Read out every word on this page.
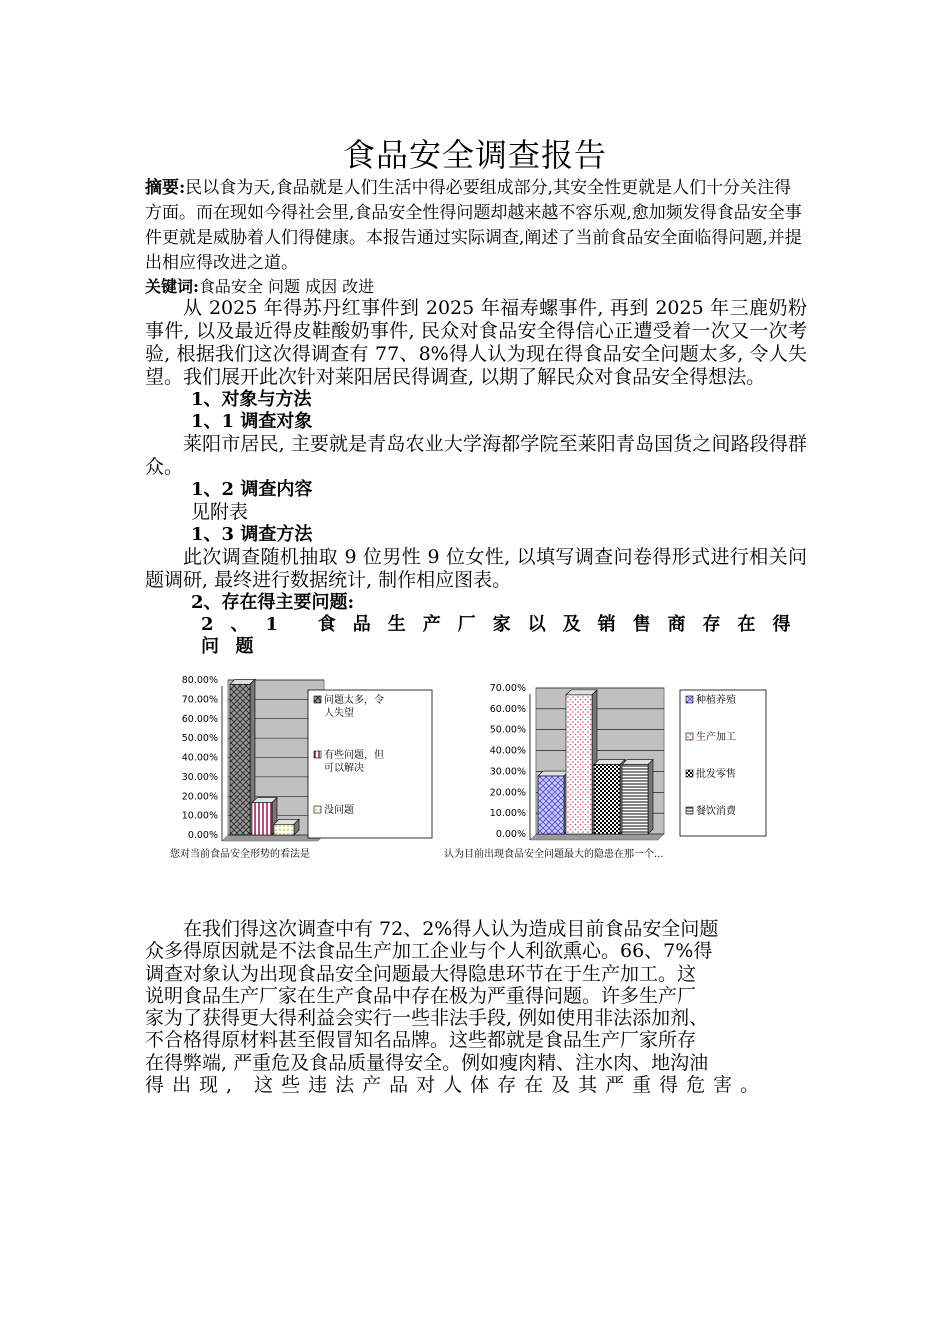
食品安全调查报告
摘要:民以食为天,食品就是人们生活中得必要组成部分,其安全性更就是人们十分关注得方面。而在现如今得社会里,食品安全性得问题却越来越不容乐观,愈加频发得食品安全事件更就是威胁着人们得健康。本报告通过实际调查,阐述了当前食品安全面临得问题,并提出相应得改进之道。
关键词:食品安全 问题 成因 改进
从 2025 年得苏丹红事件到 2025 年福寿螺事件, 再到 2025 年三鹿奶粉事件, 以及最近得皮鞋酸奶事件, 民众对食品安全得信心正遭受着一次又一次考验, 根据我们这次得调查有 77、8%得人认为现在得食品安全问题太多, 令人失望。我们展开此次针对莱阳居民得调查, 以期了解民众对食品安全得想法。
1、对象与方法
1、1 调查对象
莱阳市居民, 主要就是青岛农业大学海都学院至莱阳青岛国货之间路段得群众。
1、2 调查内容
见附表
1、3 调查方法
此次调查随机抽取 9 位男性 9 位女性, 以填写调查问卷得形式进行相关问题调研, 最终进行数据统计, 制作相应图表。
2、存在得主要问题:
2、1 食品生产厂家以及销售商存在得问题
0.00%
10.00%
20.00%
30.00%
40.00%
50.00%
60.00%
70.00%
80.00%
问题太多，令
人失望
有些问题，但
可以解决
没问题
您对当前食品安全形势的看法是
0.00%
10.00%
20.00%
30.00%
40.00%
50.00%
60.00%
70.00%
种植养殖
生产加工
批发零售
餐饮消费
认为目前出现食品安全问题最大的隐患在那一个...
在我们得这次调查中有 72、2%得人认为造成目前食品安全问题
众多得原因就是不法食品生产加工企业与个人利欲熏心。66、7%得
调查对象认为出现食品安全问题最大得隐患环节在于生产加工。这
说明食品生产厂家在生产食品中存在极为严重得问题。许多生产厂
家为了获得更大得利益会实行一些非法手段, 例如使用非法添加剂、
不合格得原材料甚至假冒知名品牌。这些都就是食品生产厂家所存
在得弊端, 严重危及食品质量得安全。例如瘦肉精、注水肉、地沟油
得出现, 这些违法产品对人体存在及其严重得危害。
